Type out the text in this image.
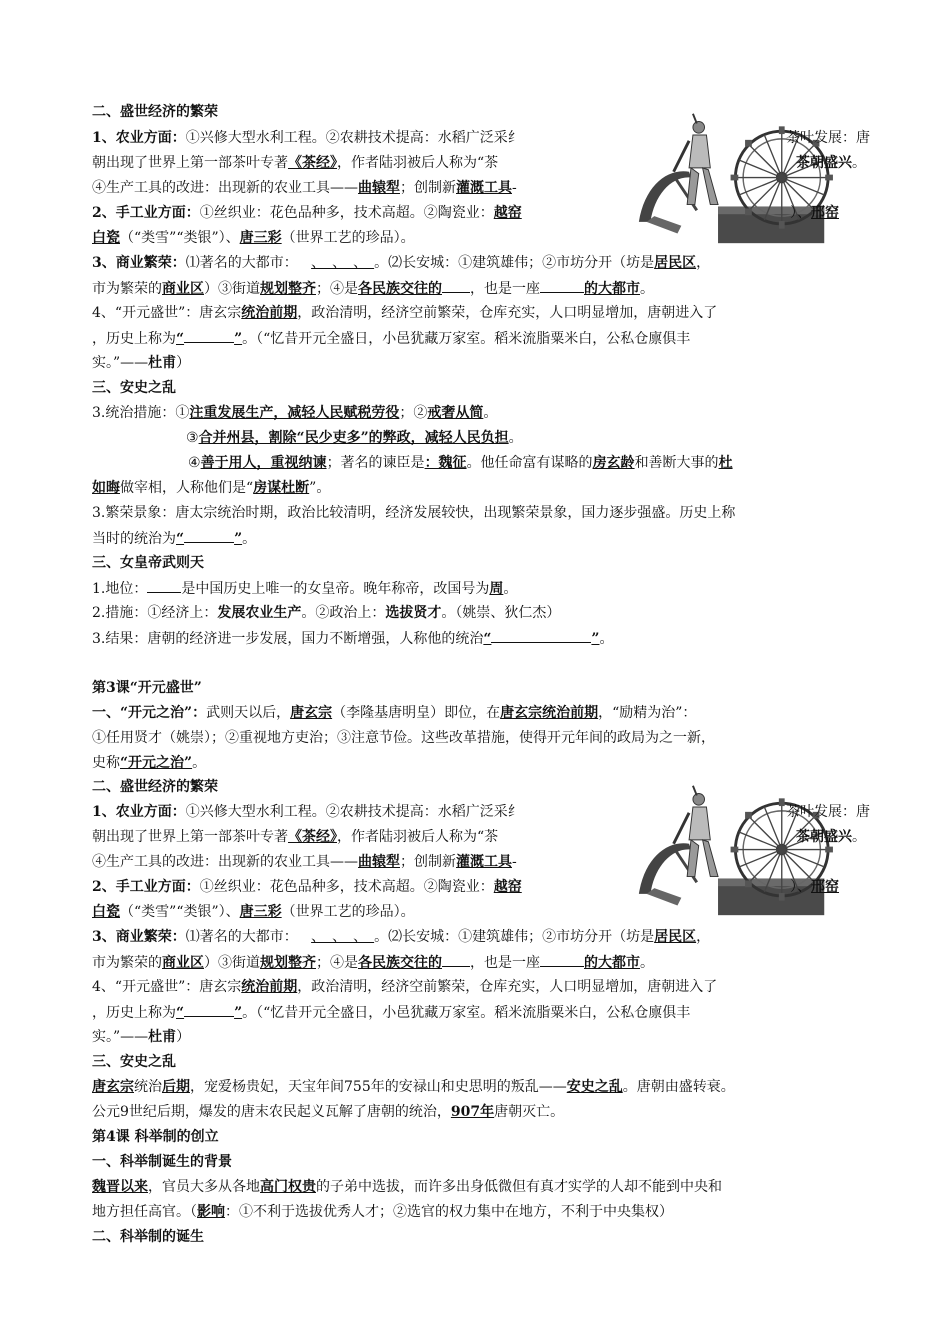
二、盛世经济的繁荣
1、农业方面：①兴修大型水利工程。②农耕技术提高：水稻广泛采纟	茶叶发展：唐
朝出现了世界上第一部茶叶专著《茶经》，作者陆羽被后人称为“茶	茶朝盛兴。
④生产工具的改进：出现新的农业工具——曲辕犁；创制新灌溉工具-
2、手工业方面：①丝织业：花色品种多，技术高超。②陶瓷业：越窑	）、邢窑
白瓷（“类雪”“类银”）、唐三彩（世界工艺的珍品）。
3、商业繁荣：⑴著名的大都市： 、、、。⑵长安城：①建筑雄伟；②市坊分开（坊是居民区，
市为繁荣的商业区）③街道规划整齐；④是各民族交往的 ，也是一座	的大都市。
4、“开元盛世”：唐玄宗统治前期，政治清明，经济空前繁荣，仓库充实，人口明显增加，唐朝进入了
，历史上称为“	”。（“忆昔开元全盛日，小邑犹藏万家室。稻米流脂粟米白，公私仓廪俱丰
实。”——杜甫）
三、安史之乱
3.统治措施：①注重发展生产，减轻人民赋税劳役；②戒奢从简。
③合并州县，割除“民少吏多”的弊政，减轻人民负担。
④善于用人，重视纳谏；著名的谏臣是：魏征。他任命富有谋略的房玄龄和善断大事的杜
如晦做宰相，人称他们是“房谋杜断”。
3.繁荣景象：唐太宗统治时期，政治比较清明，经济发展较快，出现繁荣景象，国力逐步强盛。历史上称
当时的统治为“	”。
三、女皇帝武则天
1.地位： 是中国历史上唯一的女皇帝。晚年称帝，改国号为周。
2.措施：①经济上：发展农业生产。②政治上：选拔贤才。（姚崇、狄仁杰）
3.结果：唐朝的经济进一步发展，国力不断增强，人称他的统治“	”。
第3课“开元盛世”
一、“开元之治”：武则天以后，唐玄宗（李隆基唐明皇）即位，在唐玄宗统治前期，“励精为治”：
①任用贤才（姚崇）；②重视地方吏治；③注意节俭。这些改革措施，使得开元年间的政局为之一新，
史称“开元之治”。
二、盛世经济的繁荣
1、农业方面：①兴修大型水利工程。②农耕技术提高：水稻广泛采纟	茶叶发展：唐
朝出现了世界上第一部茶叶专著《茶经》，作者陆羽被后人称为“茶	茶朝盛兴。
④生产工具的改进：出现新的农业工具——曲辕犁；创制新灌溉工具-
2、手工业方面：①丝织业：花色品种多，技术高超。②陶瓷业：越窑	）、邢窑
白瓷（“类雪”“类银”）、唐三彩（世界工艺的珍品）。
3、商业繁荣：⑴著名的大都市： 、、、。⑵长安城：①建筑雄伟；②市坊分开（坊是居民区，
市为繁荣的商业区）③街道规划整齐；④是各民族交往的 ，也是一座	的大都市。
4、“开元盛世”：唐玄宗统治前期，政治清明，经济空前繁荣，仓库充实，人口明显增加，唐朝进入了
，历史上称为“	”。（“忆昔开元全盛日，小邑犹藏万家室。稻米流脂粟米白，公私仓廪俱丰
实。”——杜甫）
三、安史之乱
唐玄宗统治后期，宠爱杨贵妃，天宝年间755年的安禄山和史思明的叛乱——安史之乱。唐朝由盛转衰。
公元9世纪后期，爆发的唐末农民起义瓦解了唐朝的统治，907年唐朝灭亡。
第4课 科举制的创立
一、科举制诞生的背景
魏晋以来，官员大多从各地高门权贵的子弟中选拔，而许多出身低微但有真才实学的人却不能到中央和
地方担任高官。（影响：①不利于选拔优秀人才；②选官的权力集中在地方，不利于中央集权）
二、科举制的诞生
